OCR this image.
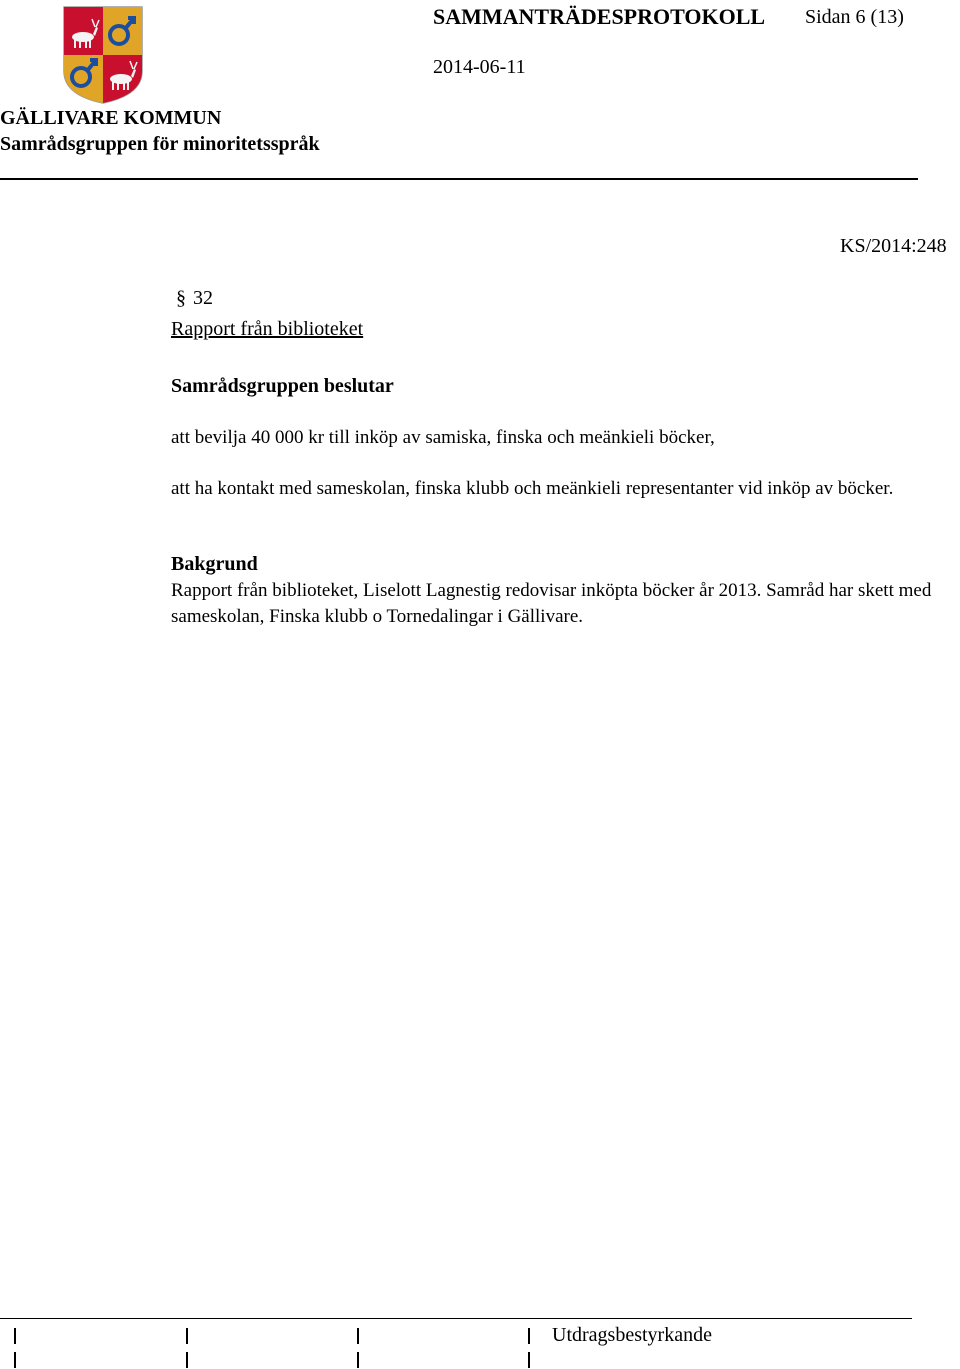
SAMMANTRÄDESPROTOKOLL Sidan 6 (13)
2014-06-11
GÄLLIVARE KOMMUN
Samrådsgruppen för minoritetsspråk
KS/2014:248
§ 32
Rapport från biblioteket
Samrådsgruppen beslutar
att bevilja 40 000 kr till inköp av samiska, finska och meänkieli böcker,
att ha kontakt med sameskolan, finska klubb och meänkieli representanter vid inköp av böcker.
Bakgrund
Rapport från biblioteket, Liselott Lagnestig redovisar inköpta böcker år 2013. Samråd har skett med sameskolan, Finska klubb o Tornedalingar i Gällivare.
Utdragsbestyrkande
